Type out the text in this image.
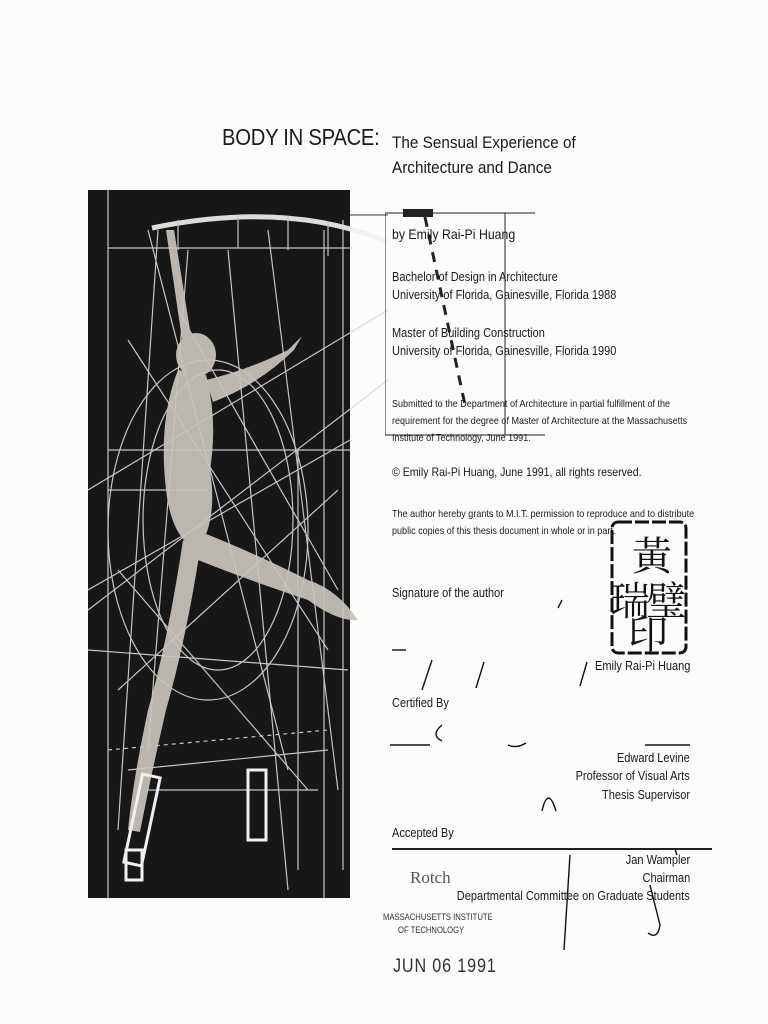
BODY IN SPACE: The Sensual Experience of
Architecture and Dance
by Emily Rai-Pi Huang
Bachelor of Design in Architecture
University of Florida, Gainesville, Florida 1988
Master of Building Construction
University of Florida, Gainesville, Florida 1990
Submitted to the Department of Architecture in partial fulfillment of the
requirement for the degree of Master of Architecture at the Massachusetts
Institute of Technology, June 1991.
© Emily Rai-Pi Huang, June 1991, all rights reserved.
The author hereby grants to M.I.T. permission to reproduce and to distribute
public copies of this thesis document in whole or in part.
黃
瑞
璧
印
Signature of the author
Emily Rai-Pi Huang
Certified By
Edward Levine
Professor of Visual Arts
Thesis Supervisor
Accepted By
Jan Wampler
Chairman
Departmental Committee on Graduate Students
Rotch
MASSACHUSETTS INSTITUTE
OF TECHNOLOGY
JUN 06 1991
